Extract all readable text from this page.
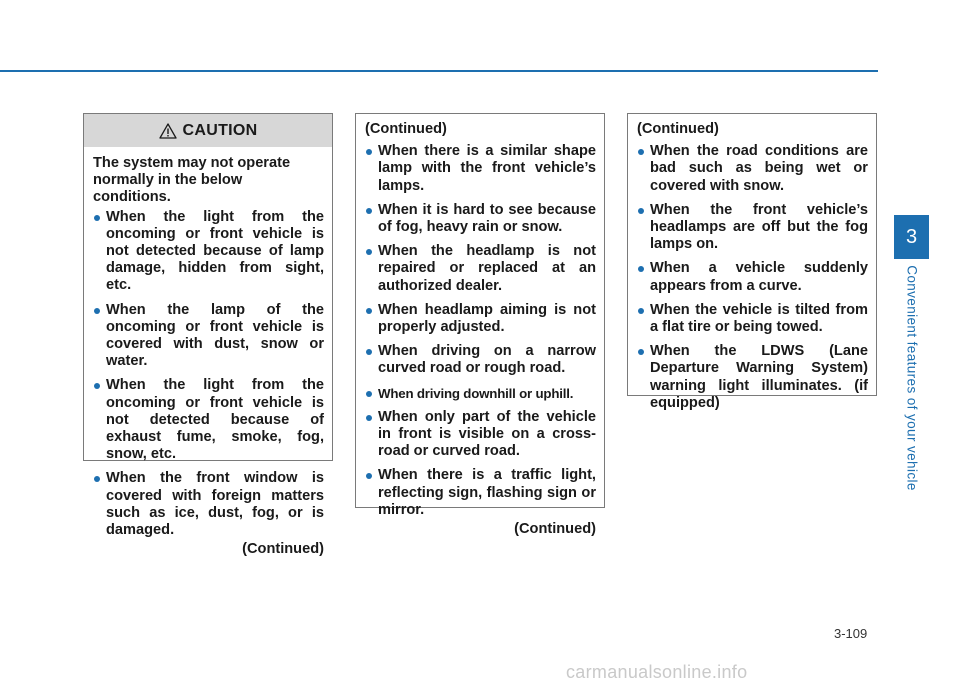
CAUTION

The system may not operate normally in the below conditions.

When the light from the oncoming or front vehicle is not detected because of lamp damage, hidden from sight, etc.
When the lamp of the oncoming or front vehicle is covered with dust, snow or water.
When the light from the oncoming or front vehicle is not detected because of exhaust fume, smoke, fog, snow, etc.
When the front window is covered with foreign matters such as ice, dust, fog, or is damaged.

(Continued)

(Continued)

When there is a similar shape lamp with the front vehicle’s lamps.
When it is hard to see because of fog, heavy rain or snow.
When the headlamp is not repaired or replaced at an authorized dealer.
When headlamp aiming is not properly adjusted.
When driving on a narrow curved road or rough road.
When driving downhill or uphill.
When only part of the vehicle in front is visible on a cross-road or curved road.
When there is a traffic light, reflecting sign, flashing sign or mirror.

(Continued)

(Continued)

When the road conditions are bad such as being wet or covered with snow.
When the front vehicle’s headlamps are off but the fog lamps on.
When a vehicle suddenly appears from a curve.
When the vehicle is tilted from a flat tire or being towed.
When the LDWS (Lane Departure Warning System) warning light illuminates. (if equipped)
3
Convenient features of your vehicle
3-109
carmanualsonline.info
